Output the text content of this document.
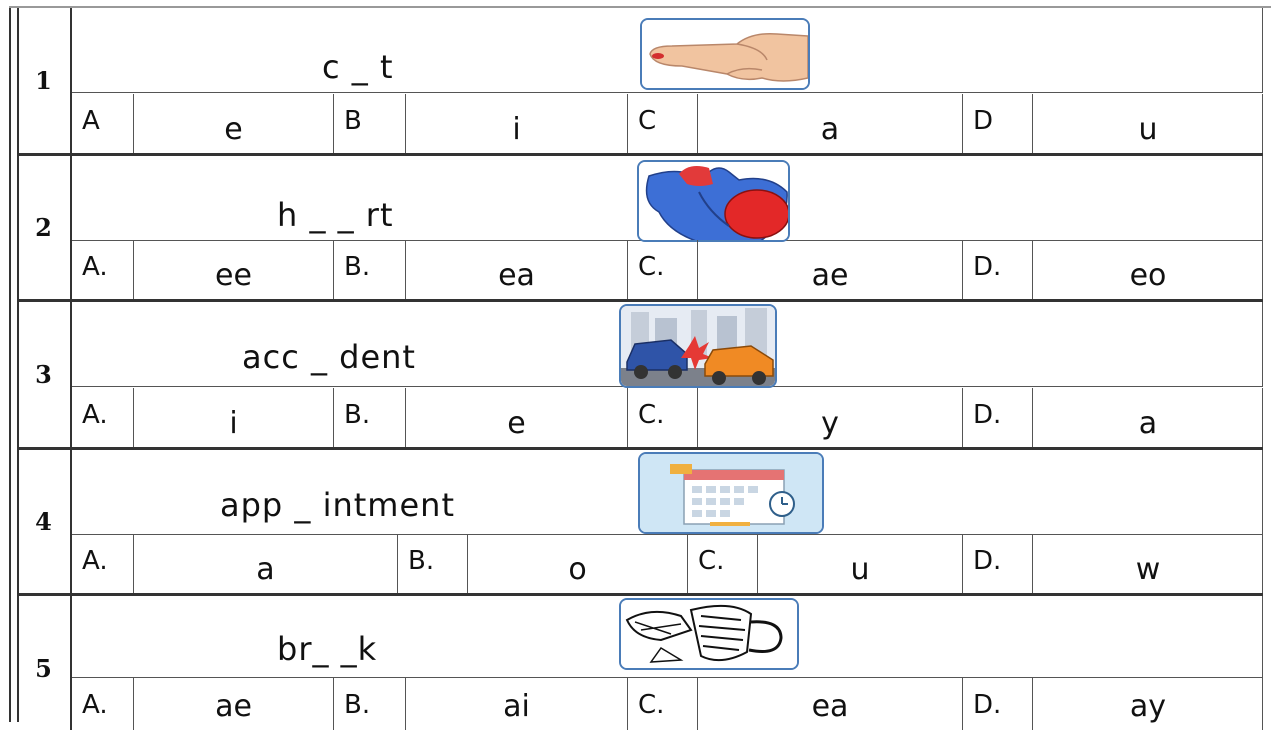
1	c _ t
A	e	B	i	C	a	D	u
2	h _ _ rt
A.	ee	B.	ea	C.	ae	D.	eo
3	acc _ dent
A.	i	B.	e	C.	y	D.	a
4	app _ intment
A.	a	B.	o	C.	u	D.	w
5	br_ _k
A.	ae	B.	ai	C.	ea	D.	ay
